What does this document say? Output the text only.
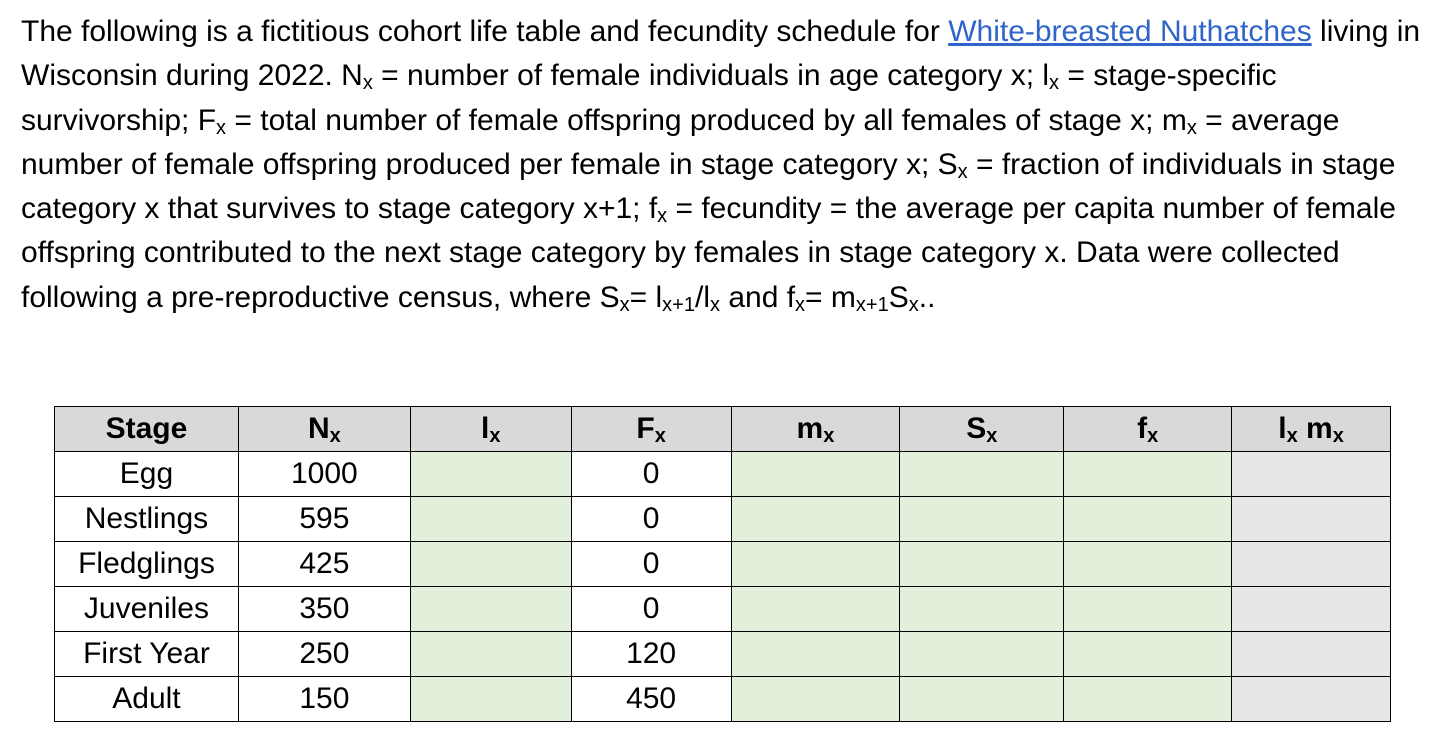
The following is a fictitious cohort life table and fecundity schedule for White-breasted Nuthatches living in Wisconsin during 2022. $N_x$ = number of female individuals in age category x; $l_x$ = stage-specific survivorship; $F_x$ = total number of female offspring produced by all females of stage x; $m_x$ = average number of female offspring produced per female in stage category x; $S_x$ = fraction of individuals in stage category x that survives to stage category x+1; $f_x$ = fecundity = the average per capita number of female offspring contributed to the next stage category by females in stage category x. Data were collected following a pre-reproductive census, where $S_x= l_{x+1}/l_x$ and $f_x= m_{x+1}S_x$..

Stage	$N_x$	$l_x$	$F_x$	$m_x$	$S_x$	$f_x$	$l_x$ $m_x$
Egg	1000		0				
Nestlings	595		0				
Fledglings	425		0				
Juveniles	350		0				
First Year	250		120				
Adult	150		450				
